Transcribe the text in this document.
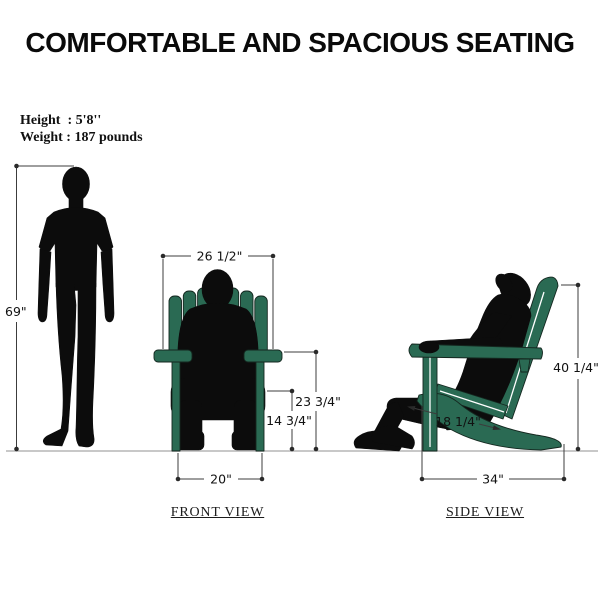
COMFORTABLE AND SPACIOUS SEATING
Height  : 5'8''
Weight : 187 pounds
69"
26 1/2"
23 3/4"
14 3/4"
20"
40 1/4"
18 1/4"
34"
FRONT VIEW	SIDE VIEW
